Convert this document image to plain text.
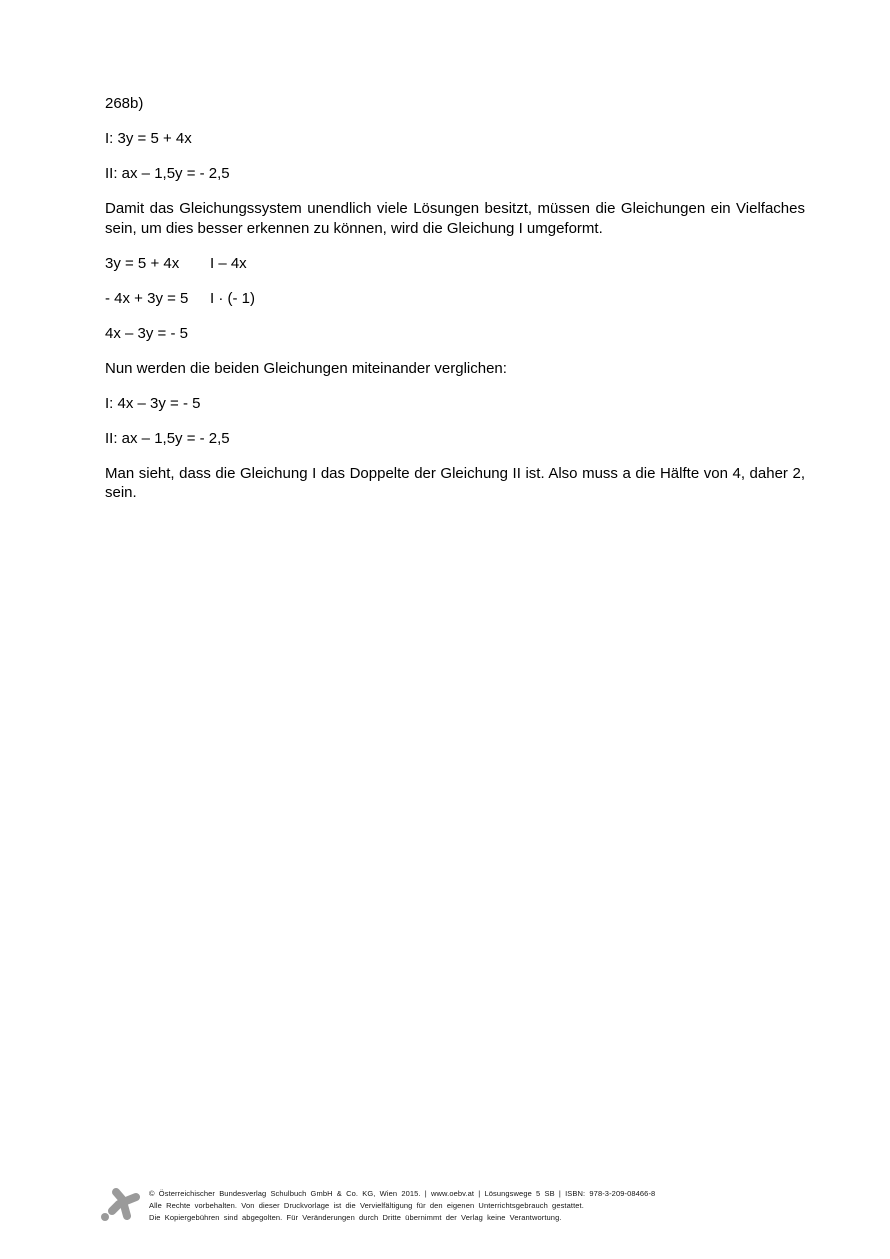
268b)

I: 3y = 5 + 4x

II: ax – 1,5y = - 2,5

Damit das Gleichungssystem unendlich viele Lösungen besitzt, müssen die Gleichungen ein Vielfaches sein, um dies besser erkennen zu können, wird die Gleichung I umgeformt.

3y = 5 + 4x I – 4x

- 4x + 3y = 5 I · (- 1)

4x – 3y = - 5

Nun werden die beiden Gleichungen miteinander verglichen:

I: 4x – 3y = - 5

II: ax – 1,5y = - 2,5

Man sieht, dass die Gleichung I das Doppelte der Gleichung II ist. Also muss a die Hälfte von 4, daher 2, sein.

© Österreichischer Bundesverlag Schulbuch GmbH & Co. KG, Wien 2015. | www.oebv.at | Lösungswege 5 SB | ISBN: 978-3-209-08466-8
Alle Rechte vorbehalten. Von dieser Druckvorlage ist die Vervielfältigung für den eigenen Unterrichtsgebrauch gestattet.
Die Kopiergebühren sind abgegolten. Für Veränderungen durch Dritte übernimmt der Verlag keine Verantwortung.
